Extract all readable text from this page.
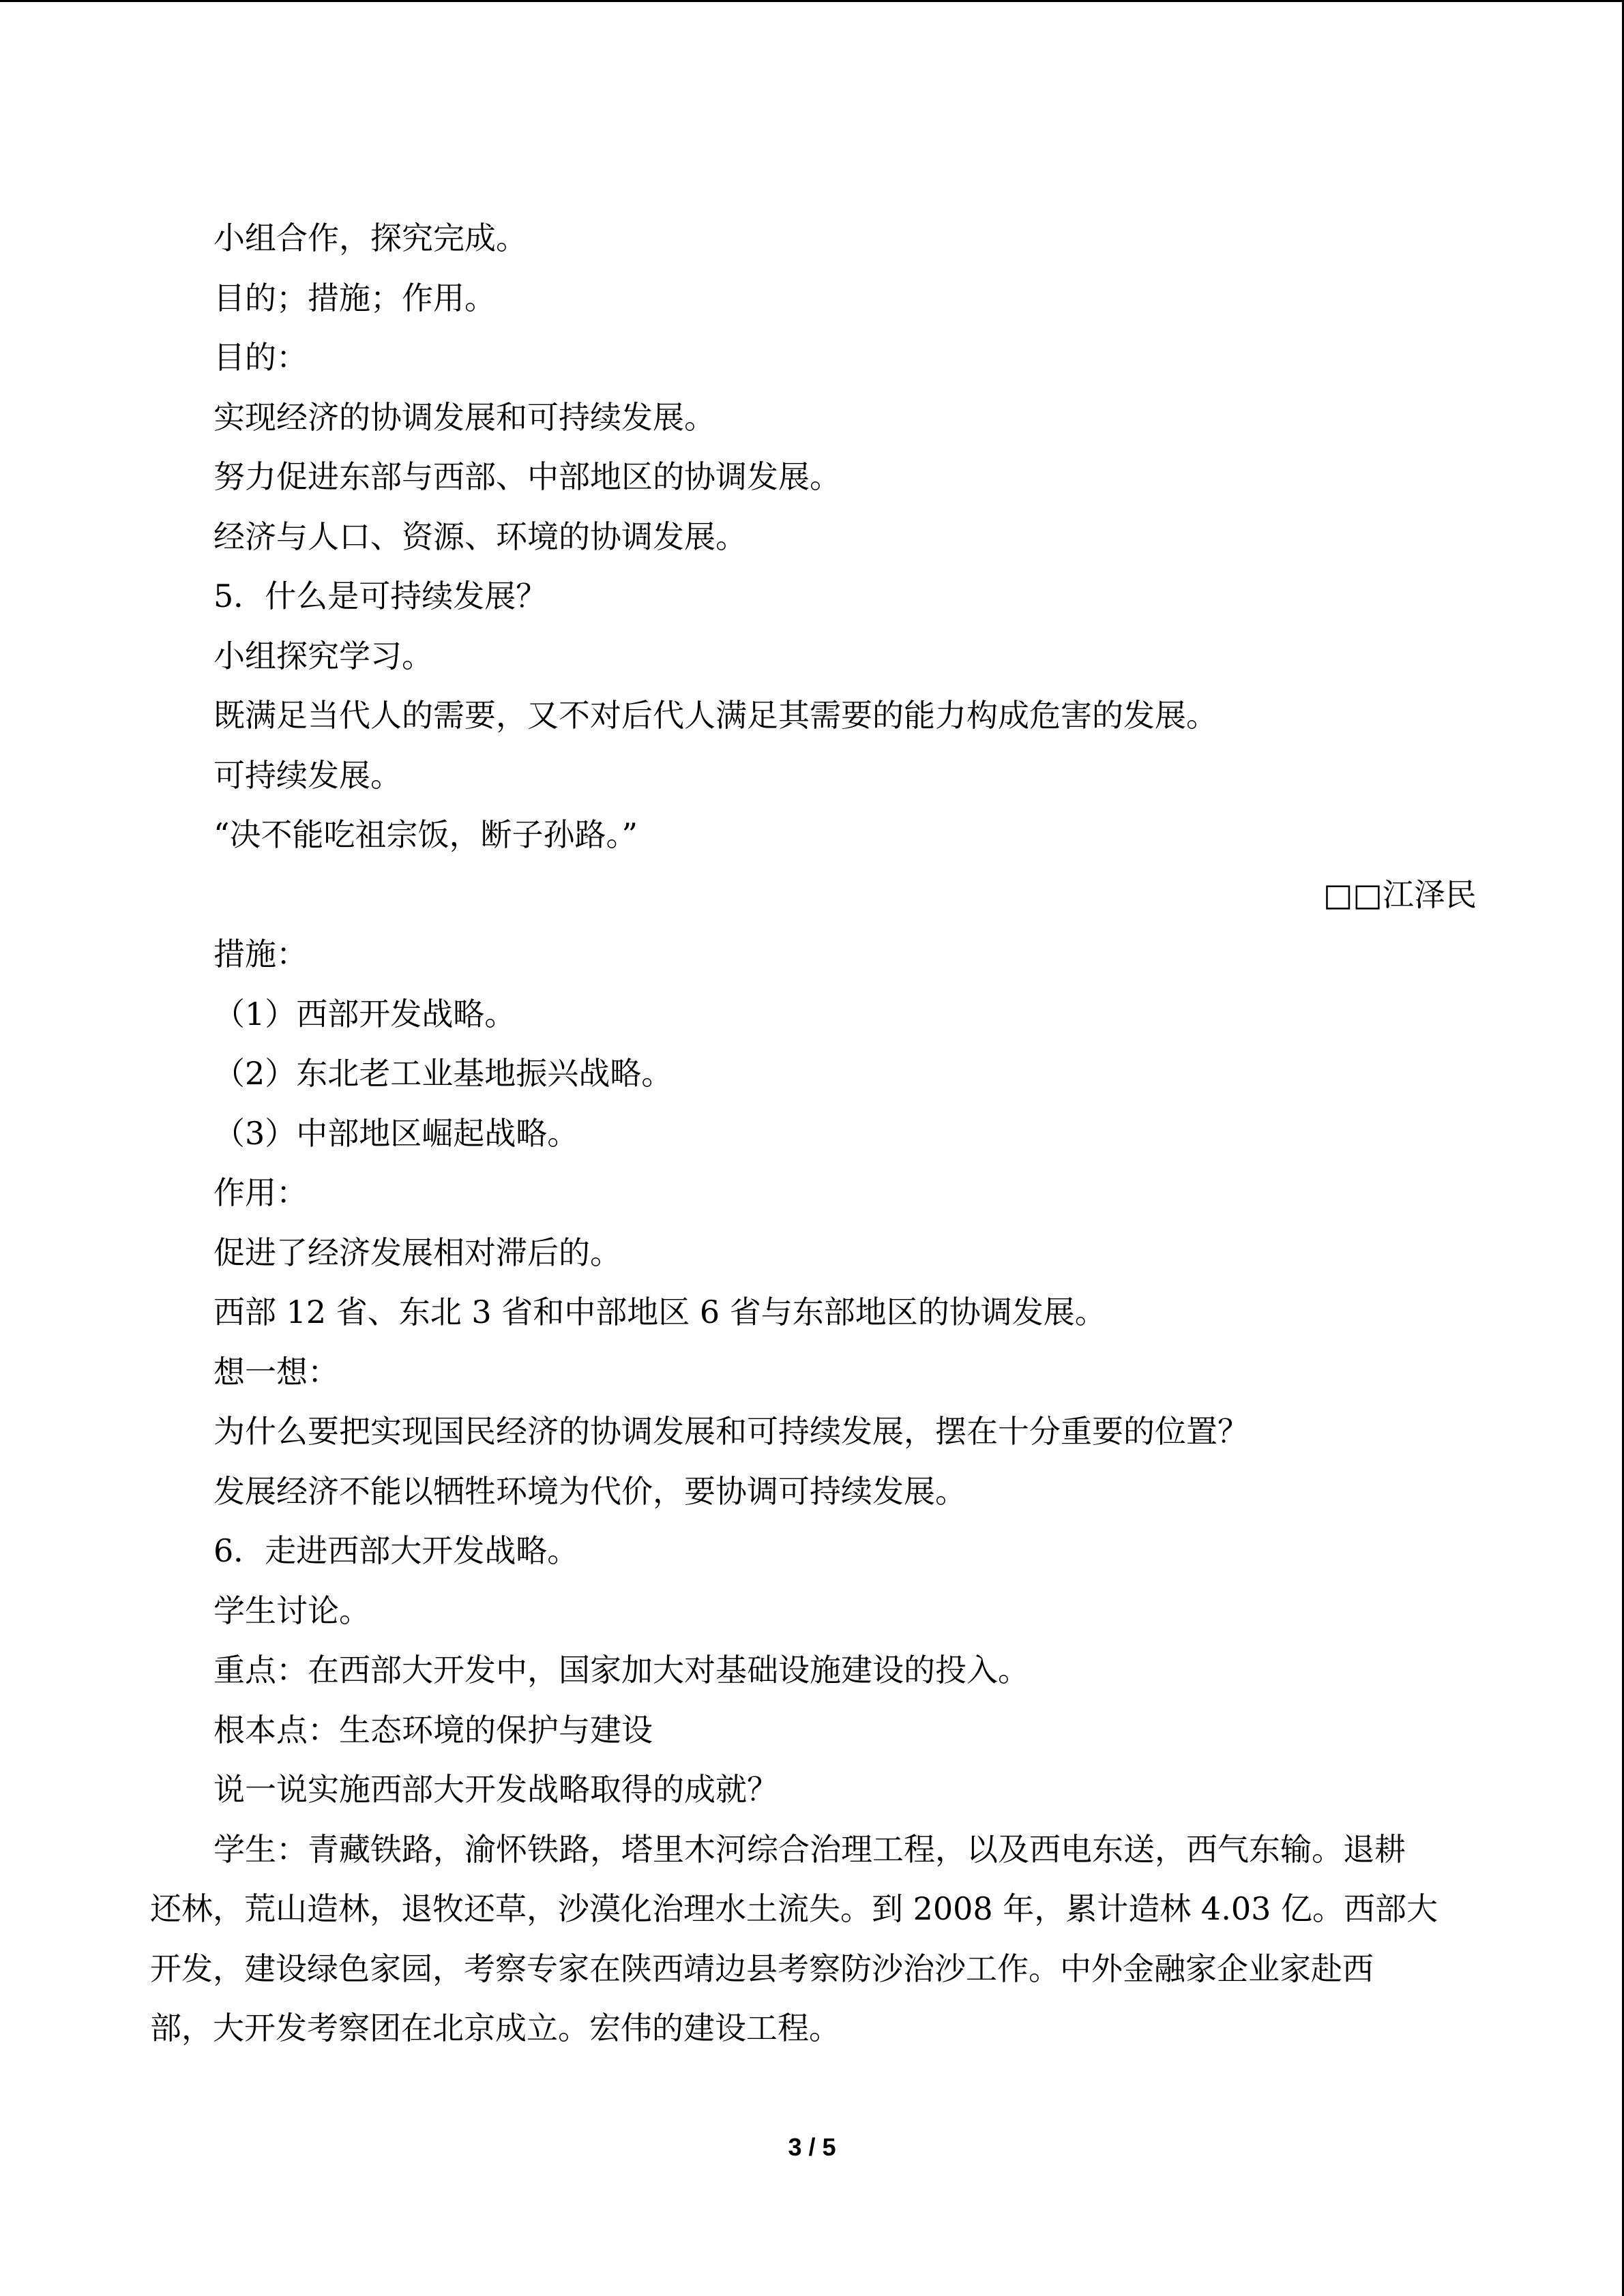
小组合作，探究完成。
目的；措施；作用。
目的：
实现经济的协调发展和可持续发展。
努力促进东部与西部、中部地区的协调发展。
经济与人口、资源、环境的协调发展。
5．什么是可持续发展？
小组探究学习。
既满足当代人的需要，又不对后代人满足其需要的能力构成危害的发展。
可持续发展。
“决不能吃祖宗饭，断子孙路。”
□□江泽民
措施：
（1）西部开发战略。
（2）东北老工业基地振兴战略。
（3）中部地区崛起战略。
作用：
促进了经济发展相对滞后的。
西部 12 省、东北 3 省和中部地区 6 省与东部地区的协调发展。
想一想：
为什么要把实现国民经济的协调发展和可持续发展，摆在十分重要的位置？
发展经济不能以牺牲环境为代价，要协调可持续发展。
6．走进西部大开发战略。
学生讨论。
重点：在西部大开发中，国家加大对基础设施建设的投入。
根本点：生态环境的保护与建设
说一说实施西部大开发战略取得的成就？
学生：青藏铁路，渝怀铁路，塔里木河综合治理工程，以及西电东送，西气东输。退耕
还林，荒山造林，退牧还草，沙漠化治理水土流失。到 2008 年，累计造林 4.03 亿。西部大
开发，建设绿色家园，考察专家在陕西靖边县考察防沙治沙工作。中外金融家企业家赴西
部，大开发考察团在北京成立。宏伟的建设工程。
3 / 5
